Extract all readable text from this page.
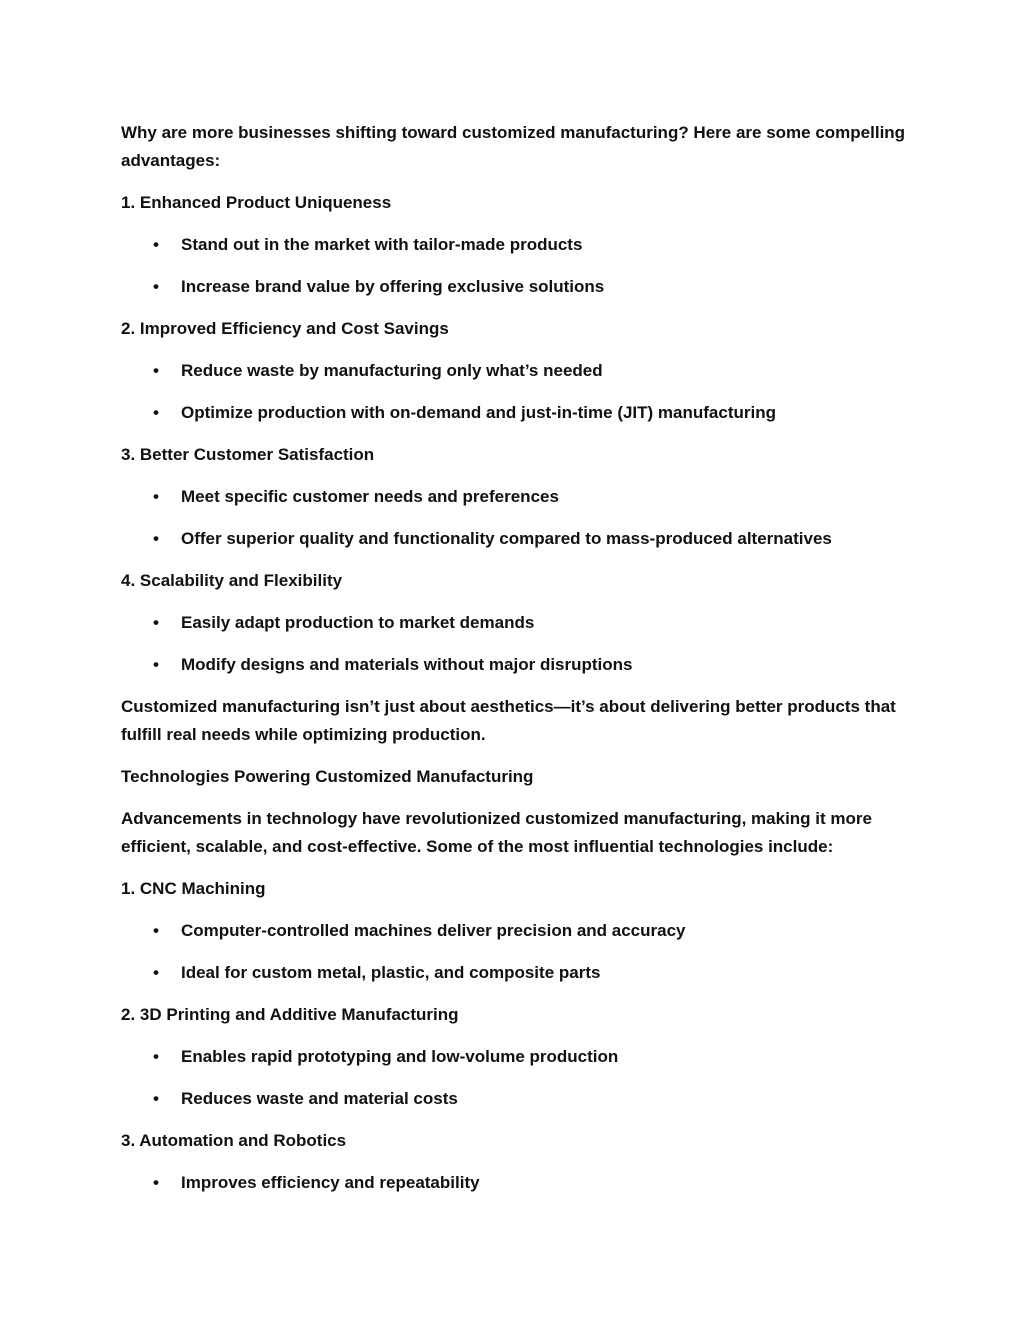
Why are more businesses shifting toward customized manufacturing? Here are some compelling advantages:

1. Enhanced Product Uniqueness

• Stand out in the market with tailor-made products
• Increase brand value by offering exclusive solutions

2. Improved Efficiency and Cost Savings

• Reduce waste by manufacturing only what’s needed
• Optimize production with on-demand and just-in-time (JIT) manufacturing

3. Better Customer Satisfaction

• Meet specific customer needs and preferences
• Offer superior quality and functionality compared to mass-produced alternatives

4. Scalability and Flexibility

• Easily adapt production to market demands
• Modify designs and materials without major disruptions

Customized manufacturing isn’t just about aesthetics—it’s about delivering better products that fulfill real needs while optimizing production.

Technologies Powering Customized Manufacturing

Advancements in technology have revolutionized customized manufacturing, making it more efficient, scalable, and cost-effective. Some of the most influential technologies include:

1. CNC Machining

• Computer-controlled machines deliver precision and accuracy
• Ideal for custom metal, plastic, and composite parts

2. 3D Printing and Additive Manufacturing

• Enables rapid prototyping and low-volume production
• Reduces waste and material costs

3. Automation and Robotics

• Improves efficiency and repeatability
